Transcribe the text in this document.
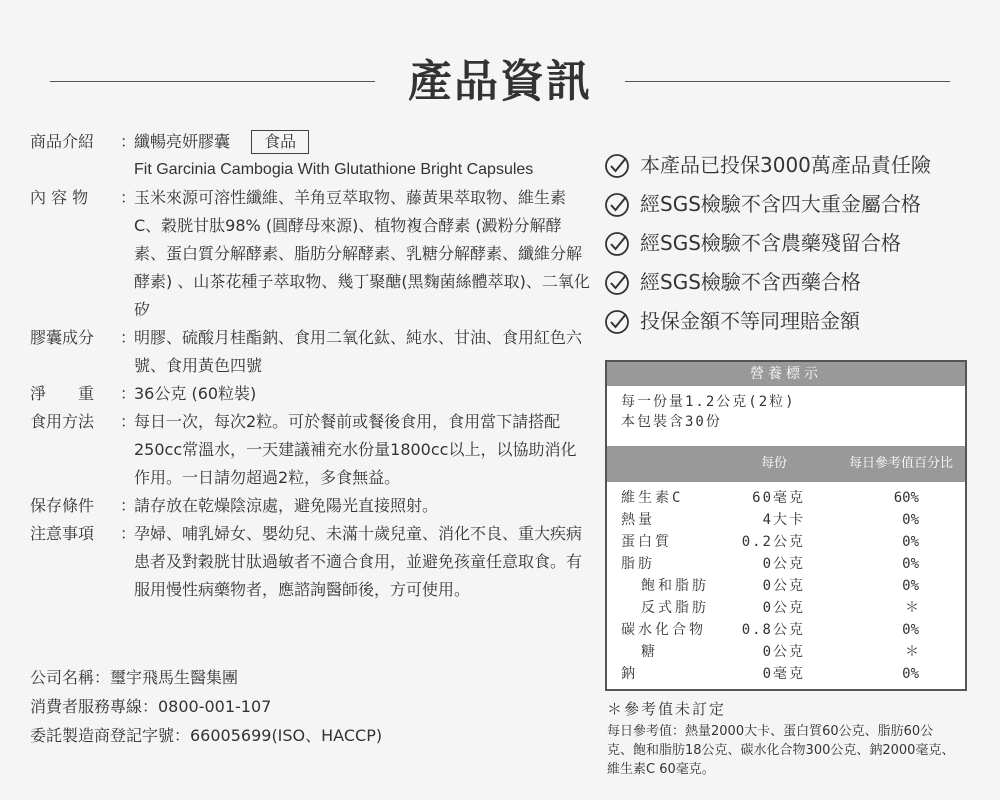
產品資訊
商品介紹	：
纖暢亮妍膠囊 食品
Fit Garcinia Cambogia With Glutathione Bright Capsules
內 容 物	：
玉米來源可溶性纖維、羊角豆萃取物、藤黃果萃取物、維生素C、穀胱甘肽98% (圓酵母來源)、植物複合酵素 (澱粉分解酵素、蛋白質分解酵素、脂肪分解酵素、乳糖分解酵素、纖維分解酵素) 、山茶花種子萃取物、幾丁聚醣(黑麴菌絲體萃取)、二氧化矽
膠囊成分	：
明膠、硫酸月桂酯鈉、食用二氧化鈦、純水、甘油、食用紅色六號、食用黃色四號
淨　　重	：
36公克 (60粒裝)
食用方法	：
每日一次，每次2粒。可於餐前或餐後食用，食用當下請搭配 250cc常溫水，一天建議補充水份量1800cc以上，以協助消化作用。一日請勿超過2粒，多食無益。
保存條件	：
請存放在乾燥陰涼處，避免陽光直接照射。
注意事項	：
孕婦、哺乳婦女、嬰幼兒、未滿十歲兒童、消化不良、重大疾病患者及對穀胱甘肽過敏者不適合食用，並避免孩童任意取食。有服用慢性病藥物者，應諮詢醫師後，方可使用。
公司名稱：璽宇飛馬生醫集團
消費者服務專線：0800-001-107
委託製造商登記字號：66005699(ISO、HACCP)
本產品已投保3000萬產品責任險
經SGS檢驗不含四大重金屬合格
經SGS檢驗不含農藥殘留合格
經SGS檢驗不含西藥合格
投保金額不等同理賠金額
營養標示
每一份量1.2公克(2粒)
本包裝含30份
每份	每日參考值百分比
維生素C	60毫克	60%
熱量	4大卡	0%
蛋白質	0.2公克	0%
脂肪	0公克	0%
飽和脂肪	0公克	0%
反式脂肪	0公克	＊
碳水化合物	0.8公克	0%
糖	0公克	＊
鈉	0毫克	0%
＊參考值未訂定
每日參考值：熱量2000大卡、蛋白質60公克、脂肪60公克、飽和脂肪18公克、碳水化合物300公克、鈉2000毫克、維生素C 60毫克。
